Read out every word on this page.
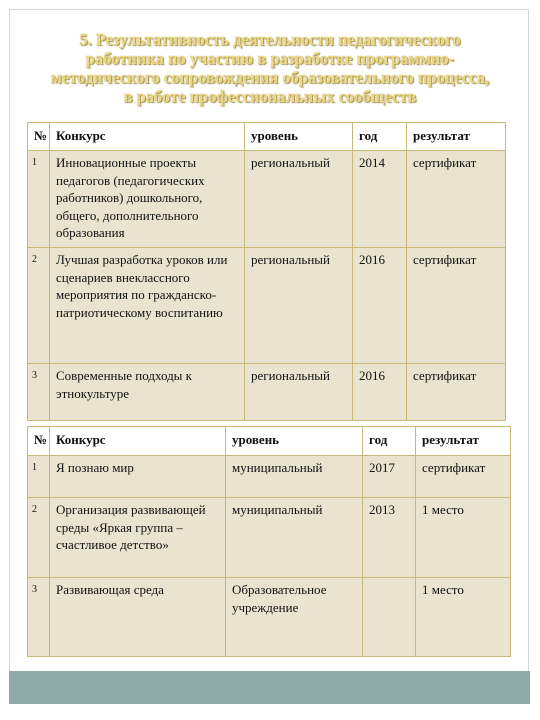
5. Результативность деятельности педагогического
работника по участию в разработке программно-
методического сопровождения образовательного процесса,
в работе профессиональных сообществ
№	Конкурс	уровень	год	результат
1	Инновационные проекты педагогов (педагогических работников) дошкольного, общего, дополнительного образования	региональный	2014	сертификат
2	Лучшая разработка уроков или сценариев внеклассного мероприятия по гражданско-патриотическому воспитанию	региональный	2016	сертификат
3	Современные подходы к этнокультуре	региональный	2016	сертификат
№	Конкурс	уровень	год	результат
1	Я познаю мир	муниципальный	2017	сертификат
2	Организация развивающей среды «Яркая группа – счастливое детство»	муниципальный	2013	1 место
3	Развивающая среда	Образовательное учреждение		1 место
